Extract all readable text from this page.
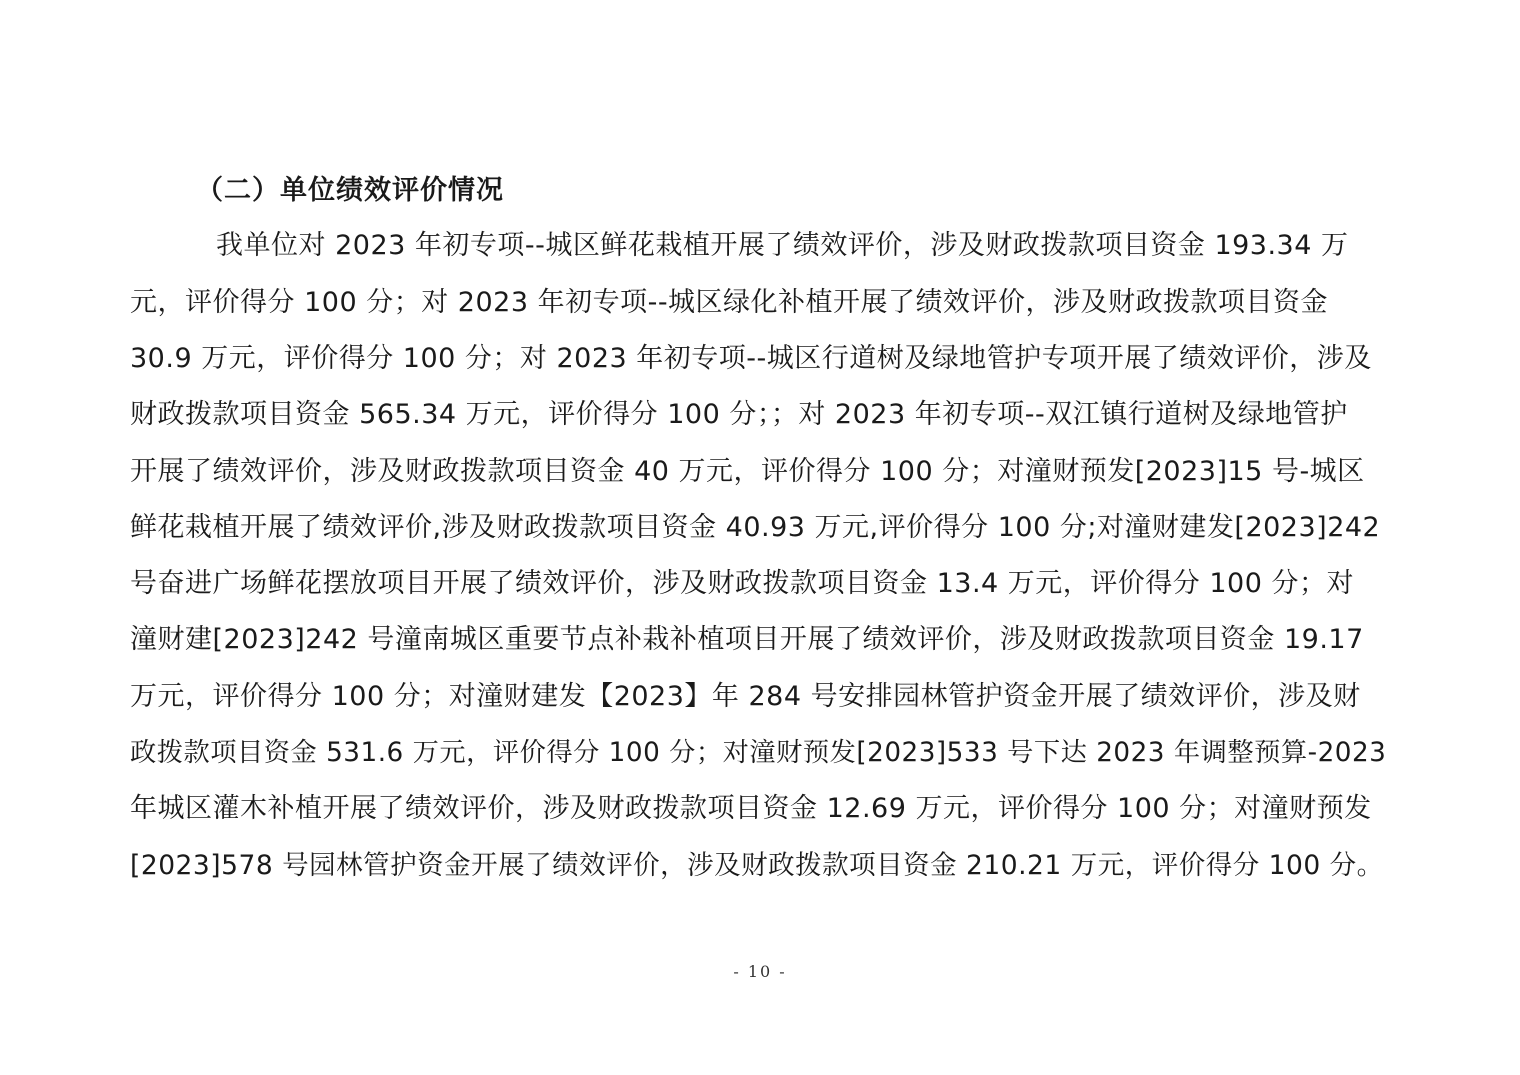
（二）单位绩效评价情况
我单位对 2023 年初专项--城区鲜花栽植开展了绩效评价，涉及财政拨款项目资金 193.34 万
元，评价得分 100 分；对 2023 年初专项--城区绿化补植开展了绩效评价，涉及财政拨款项目资金
30.9 万元，评价得分 100 分；对 2023 年初专项--城区行道树及绿地管护专项开展了绩效评价，涉及
财政拨款项目资金 565.34 万元，评价得分 100 分；；对 2023 年初专项--双江镇行道树及绿地管护
开展了绩效评价，涉及财政拨款项目资金 40 万元，评价得分 100 分；对潼财预发[2023]15 号-城区
鲜花栽植开展了绩效评价,涉及财政拨款项目资金 40.93 万元,评价得分 100 分;对潼财建发[2023]242
号奋进广场鲜花摆放项目开展了绩效评价，涉及财政拨款项目资金 13.4 万元，评价得分 100 分；对
潼财建[2023]242 号潼南城区重要节点补栽补植项目开展了绩效评价，涉及财政拨款项目资金 19.17
万元，评价得分 100 分；对潼财建发【2023】年 284 号安排园林管护资金开展了绩效评价，涉及财
政拨款项目资金 531.6 万元，评价得分 100 分；对潼财预发[2023]533 号下达 2023 年调整预算-2023
年城区灌木补植开展了绩效评价，涉及财政拨款项目资金 12.69 万元，评价得分 100 分；对潼财预发
[2023]578 号园林管护资金开展了绩效评价，涉及财政拨款项目资金 210.21 万元，评价得分 100 分。
- 10 -
